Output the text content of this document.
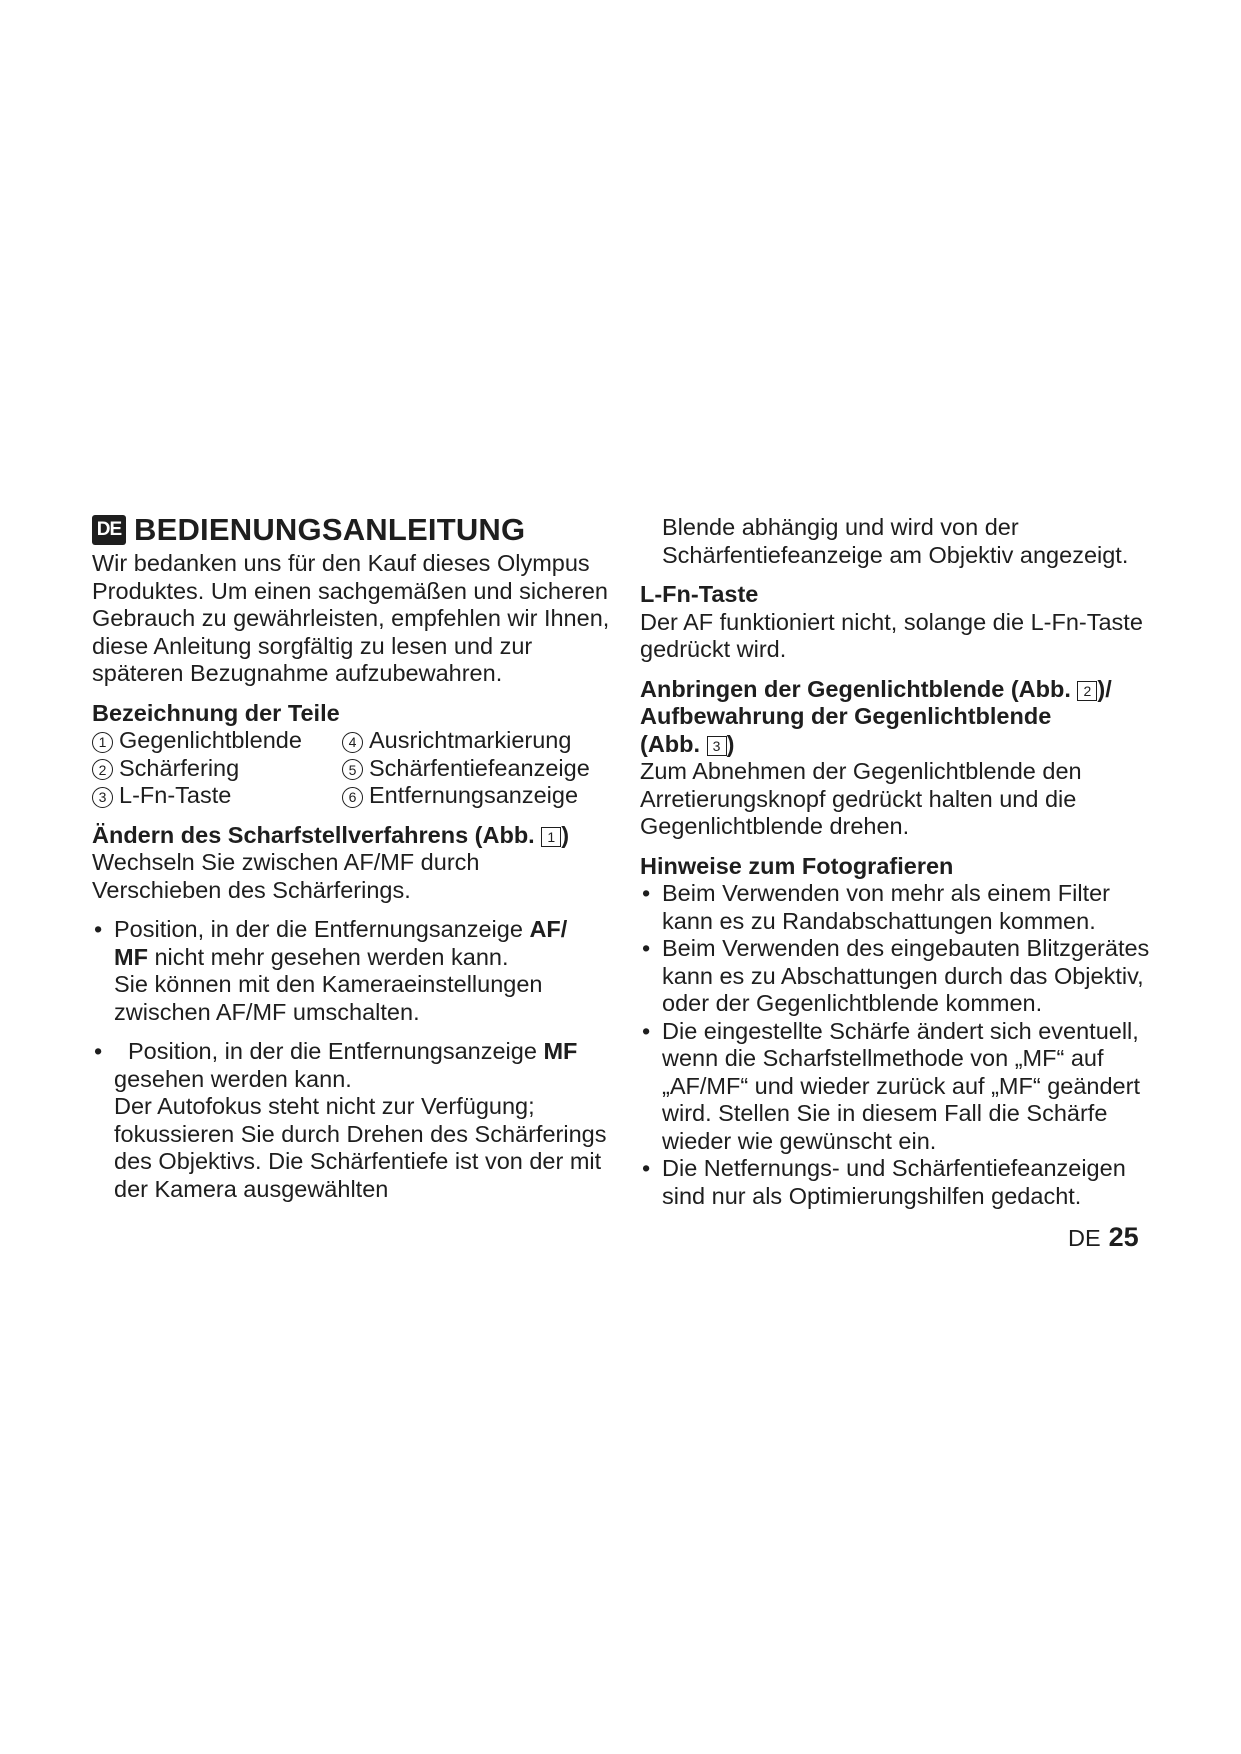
DE BEDIENUNGSANLEITUNG

Wir bedanken uns für den Kauf dieses Olympus Produktes. Um einen sachgemäßen und sicheren Gebrauch zu gewährleisten, empfehlen wir Ihnen, diese Anleitung sorgfältig zu lesen und zur späteren Bezugnahme aufzubewahren.

Bezeichnung der Teile

1 Gegenlichtblende	4 Ausrichtmarkierung
2 Schärfering	5 Schärfentiefeanzeige
3 L-Fn-Taste	6 Entfernungsanzeige

Ändern des Scharfstellverfahrens (Abb. 1 )

Wechseln Sie zwischen AF/MF durch Verschieben des Schärferings.

• Position, in der die Entfernungsanzeige AF/
MF nicht mehr gesehen werden kann.
Sie können mit den Kameraeinstellungen zwischen AF/MF umschalten.
• Position, in der die Entfernungsanzeige MF
gesehen werden kann.
Der Autofokus steht nicht zur Verfügung; fokussieren Sie durch Drehen des Schärferings des Objektivs. Die Schärfentiefe ist von der mit der Kamera ausgewählten

Blende abhängig und wird von der Schärfentiefeanzeige am Objektiv angezeigt.

L-Fn-Taste

Der AF funktioniert nicht, solange die L-Fn-Taste gedrückt wird.

Anbringen der Gegenlichtblende (Abb. 2 )/
Aufbewahrung der Gegenlichtblende
(Abb. 3 )

Zum Abnehmen der Gegenlichtblende den Arretierungsknopf gedrückt halten und die Gegenlichtblende drehen.

Hinweise zum Fotografieren

• Beim Verwenden von mehr als einem Filter kann es zu Randabschattungen kommen.
• Beim Verwenden des eingebauten Blitzgerätes kann es zu Abschattungen durch das Objektiv, oder der Gegenlichtblende kommen.
• Die eingestellte Schärfe ändert sich eventuell, wenn die Scharfstellmethode von „MF“ auf „AF/MF“ und wieder zurück auf „MF“ geändert wird. Stellen Sie in diesem Fall die Schärfe wieder wie gewünscht ein.
• Die Netfernungs- und Schärfentiefeanzeigen sind nur als Optimierungshilfen gedacht.
DE 25
